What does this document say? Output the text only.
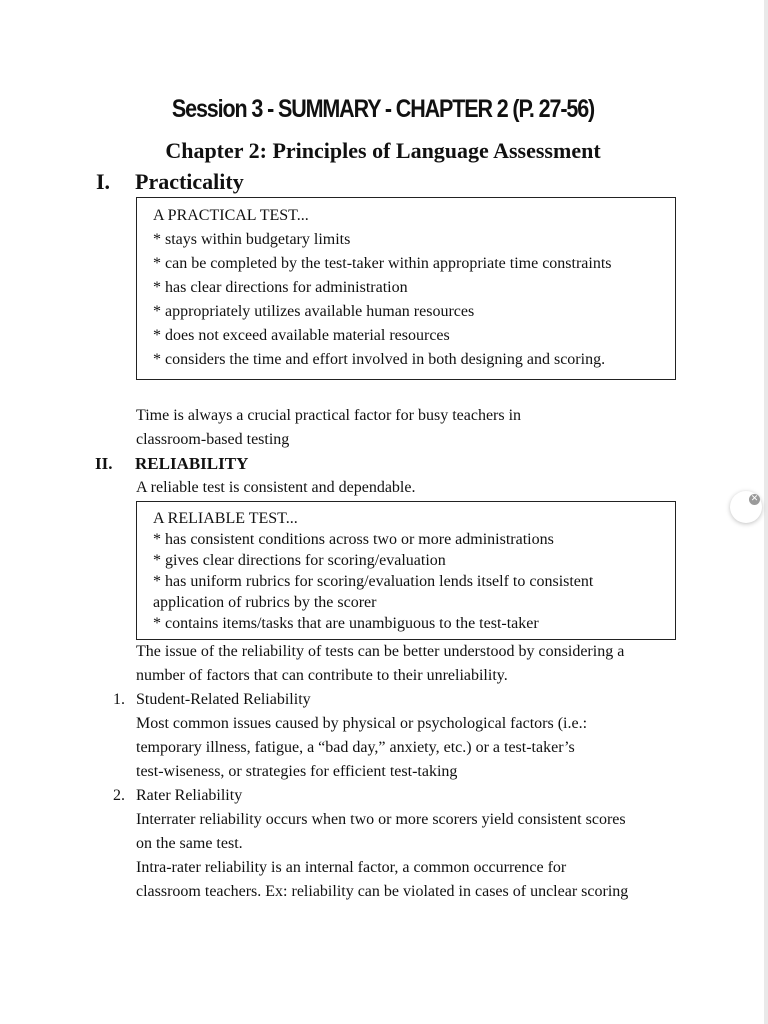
Session 3 - SUMMARY - CHAPTER 2 (P. 27-56)
Chapter 2: Principles of Language Assessment
I. Practicality
A PRACTICAL TEST...
* stays within budgetary limits
* can be completed by the test-taker within appropriate time constraints
* has clear directions for administration
* appropriately utilizes available human resources
* does not exceed available material resources
* considers the time and effort involved in both designing and scoring.
Time is always a crucial practical factor for busy teachers in
classroom-based testing
II. RELIABILITY
A reliable test is consistent and dependable.
A RELIABLE TEST...
* has consistent conditions across two or more administrations
* gives clear directions for scoring/evaluation
* has uniform rubrics for scoring/evaluation lends itself to consistent
application of rubrics by the scorer
* contains items/tasks that are unambiguous to the test-taker
The issue of the reliability of tests can be better understood by considering a
number of factors that can contribute to their unreliability.
1. Student-Related Reliability
Most common issues caused by physical or psychological factors (i.e.:
temporary illness, fatigue, a “bad day,” anxiety, etc.) or a test-taker’s
test-wiseness, or strategies for efficient test-taking
2. Rater Reliability
Interrater reliability occurs when two or more scorers yield consistent scores
on the same test.
Intra-rater reliability is an internal factor, a common occurrence for
classroom teachers. Ex: reliability can be violated in cases of unclear scoring
✕
